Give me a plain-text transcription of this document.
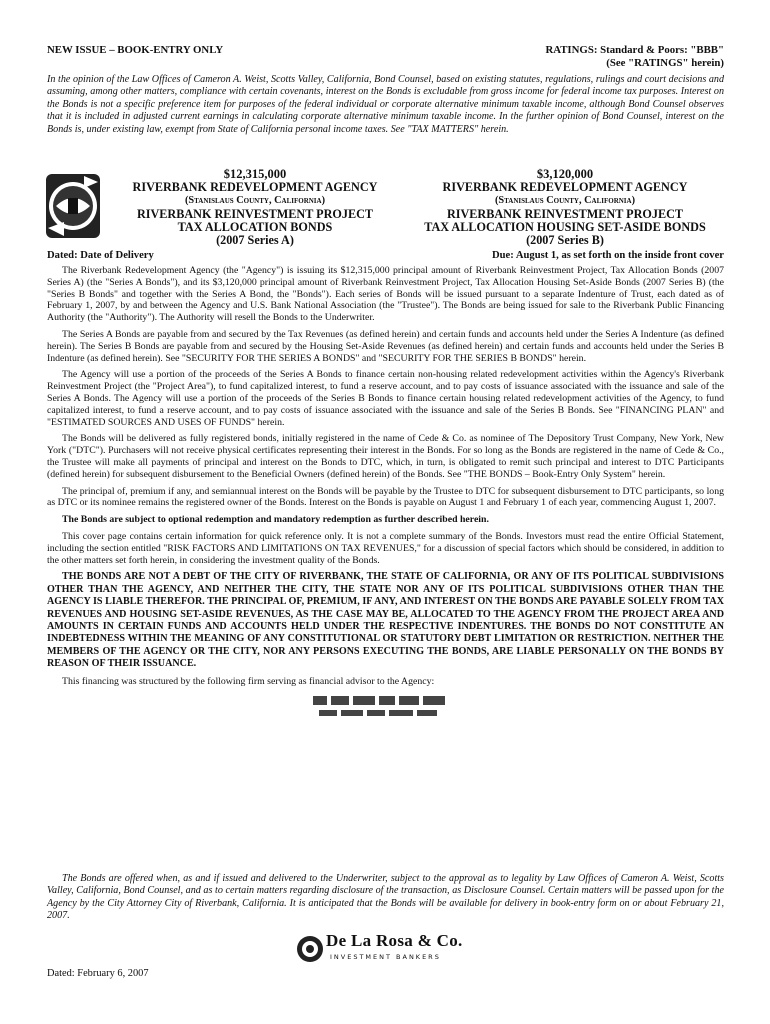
NEW ISSUE – BOOK-ENTRY ONLY	RATINGS: Standard & Poors: "BBB"
(See "RATINGS" herein)
In the opinion of the Law Offices of Cameron A. Weist, Scotts Valley, California, Bond Counsel, based on existing statutes, regulations, rulings and court decisions and assuming, among other matters, compliance with certain covenants, interest on the Bonds is excludable from gross income for federal income tax purposes. Interest on the Bonds is not a specific preference item for purposes of the federal individual or corporate alternative minimum taxable income, although Bond Counsel observes that it is included in adjusted current earnings in calculating corporate alternative minimum taxable income. In the further opinion of Bond Counsel, interest on the Bonds is, under existing law, exempt from State of California personal income taxes. See "TAX MATTERS" herein.
$12,315,000
RIVERBANK REDEVELOPMENT AGENCY
(Stanislaus County, California)
RIVERBANK REINVESTMENT PROJECT
TAX ALLOCATION BONDS
(2007 Series A)
$3,120,000
RIVERBANK REDEVELOPMENT AGENCY
(Stanislaus County, California)
RIVERBANK REINVESTMENT PROJECT
TAX ALLOCATION HOUSING SET-ASIDE BONDS
(2007 Series B)
Dated: Date of Delivery	Due: August 1, as set forth on the inside front cover

The Riverbank Redevelopment Agency (the "Agency") is issuing its $12,315,000 principal amount of Riverbank Reinvestment Project, Tax Allocation Bonds (2007 Series A) (the "Series A Bonds"), and its $3,120,000 principal amount of Riverbank Reinvestment Project, Tax Allocation Housing Set-Aside Bonds (2007 Series B) (the "Series B Bonds" and together with the Series A Bond, the "Bonds"). Each series of Bonds will be issued pursuant to a separate Indenture of Trust, each dated as of February 1, 2007, by and between the Agency and U.S. Bank National Association (the "Trustee"). The Bonds are being issued for sale to the Riverbank Public Financing Authority (the "Authority"). The Authority will resell the Bonds to the Underwriter.

The Series A Bonds are payable from and secured by the Tax Revenues (as defined herein) and certain funds and accounts held under the Series A Indenture (as defined herein). The Series B Bonds are payable from and secured by the Housing Set-Aside Revenues (as defined herein) and certain funds and accounts held under the Series B Indenture (as defined herein). See "SECURITY FOR THE SERIES A BONDS" and "SECURITY FOR THE SERIES B BONDS" herein.

The Agency will use a portion of the proceeds of the Series A Bonds to finance certain non-housing related redevelopment activities within the Agency's Riverbank Reinvestment Project (the "Project Area"), to fund capitalized interest, to fund a reserve account, and to pay costs of issuance associated with the issuance and sale of the Series A Bonds. The Agency will use a portion of the proceeds of the Series B Bonds to finance certain housing related redevelopment activities of the Agency, to fund capitalized interest, to fund a reserve account, and to pay costs of issuance associated with the issuance and sale of the Series B Bonds. See "FINANCING PLAN" and "ESTIMATED SOURCES AND USES OF FUNDS" herein.

The Bonds will be delivered as fully registered bonds, initially registered in the name of Cede & Co. as nominee of The Depository Trust Company, New York, New York ("DTC"). Purchasers will not receive physical certificates representing their interest in the Bonds. For so long as the Bonds are registered in the name of Cede & Co., the Trustee will make all payments of principal and interest on the Bonds to DTC, which, in turn, is obligated to remit such principal and interest to DTC Participants (defined herein) for subsequent disbursement to the Beneficial Owners (defined herein) of the Bonds. See "THE BONDS – Book-Entry Only System" herein.

The principal of, premium if any, and semiannual interest on the Bonds will be payable by the Trustee to DTC for subsequent disbursement to DTC participants, so long as DTC or its nominee remains the registered owner of the Bonds. Interest on the Bonds is payable on August 1 and February 1 of each year, commencing August 1, 2007.

The Bonds are subject to optional redemption and mandatory redemption as further described herein.

This cover page contains certain information for quick reference only. It is not a complete summary of the Bonds. Investors must read the entire Official Statement, including the section entitled "RISK FACTORS AND LIMITATIONS ON TAX REVENUES," for a discussion of special factors which should be considered, in addition to the other matters set forth herein, in considering the investment quality of the Bonds.

THE BONDS ARE NOT A DEBT OF THE CITY OF RIVERBANK, THE STATE OF CALIFORNIA, OR ANY OF ITS POLITICAL SUBDIVISIONS OTHER THAN THE AGENCY, AND NEITHER THE CITY, THE STATE NOR ANY OF ITS POLITICAL SUBDIVISIONS OTHER THAN THE AGENCY IS LIABLE THEREFOR. THE PRINCIPAL OF, PREMIUM, IF ANY, AND INTEREST ON THE BONDS ARE PAYABLE SOLELY FROM TAX REVENUES AND HOUSING SET-ASIDE REVENUES, AS THE CASE MAY BE, ALLOCATED TO THE AGENCY FROM THE PROJECT AREA AND AMOUNTS IN CERTAIN FUNDS AND ACCOUNTS HELD UNDER THE RESPECTIVE INDENTURES. THE BONDS DO NOT CONSTITUTE AN INDEBTEDNESS WITHIN THE MEANING OF ANY CONSTITUTIONAL OR STATUTORY DEBT LIMITATION OR RESTRICTION. NEITHER THE MEMBERS OF THE AGENCY OR THE CITY, NOR ANY PERSONS EXECUTING THE BONDS, ARE LIABLE PERSONALLY ON THE BONDS BY REASON OF THEIR ISSUANCE.

This financing was structured by the following firm serving as financial advisor to the Agency:

The Bonds are offered when, as and if issued and delivered to the Underwriter, subject to the approval as to legality by Law Offices of Cameron A. Weist, Scotts Valley, California, Bond Counsel, and as to certain matters regarding disclosure of the transaction, as Disclosure Counsel. Certain matters will be passed upon for the Agency by the City Attorney City of Riverbank, California. It is anticipated that the Bonds will be available for delivery in book-entry form on or about February 21, 2007.
De La Rosa & Co.
INVESTMENT BANKERS
Dated: February 6, 2007
